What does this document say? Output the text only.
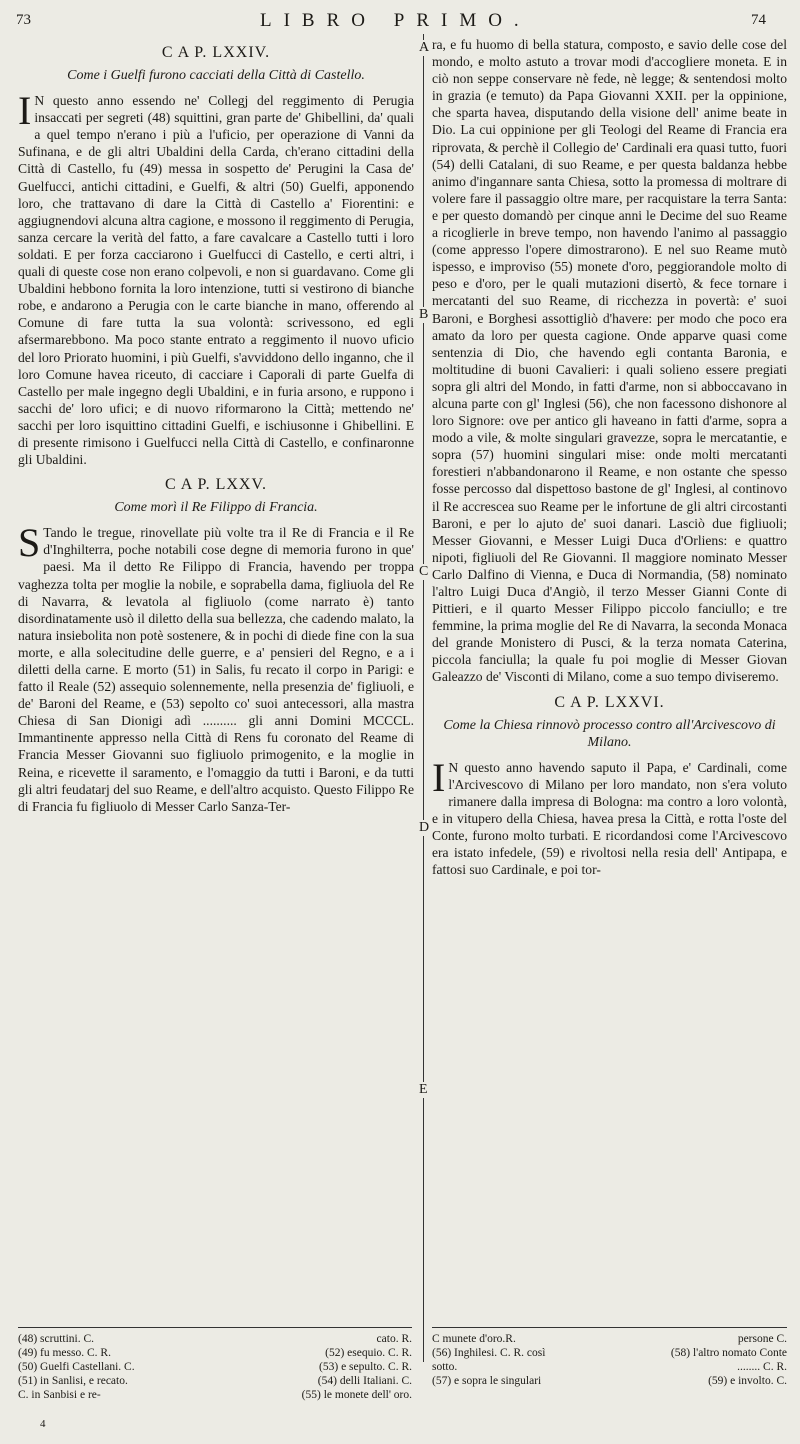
73	LIBRO PRIMO.	74
A
B
C
D
E
C A P. LXXIV.
Come i Guelfi furono cacciati della Città di Castello.

I N questo anno essendo ne' Collegj del reggimento di Perugia insaccati per segreti (48) squittini, gran parte de' Ghibellini, da' quali a quel tempo n'erano i più a l'uficio, per operazione di Vanni da Sufinana, e de gli altri Ubaldini della Carda, ch'erano cittadini della Città di Castello, fu (49) messa in sospetto de' Perugini la Casa de' Guelfucci, antichi cittadini, e Guelfi, & altri (50) Guelfi, apponendo loro, che trattavano di dare la Città di Castello a' Fiorentini: e aggiugnendovi alcuna altra cagione, e mossono il reggimento di Perugia, sanza cercare la verità del fatto, a fare cavalcare a Castello tutti i loro soldati. E per forza cacciarono i Guelfucci di Castello, e certi altri, i quali di queste cose non erano colpevoli, e non si guardavano. Come gli Ubaldini hebbono fornita la loro intenzione, tutti si vestirono di bianche robe, e andarono a Perugia con le carte bianche in mano, offerendo al Comune di fare tutta la sua volontà: scrivessono, ed egli afsermarebbono. Ma poco stante entrato a reggimento il nuovo uficio del loro Priorato huomini, i più Guelfi, s'avviddono dello inganno, che il loro Comune havea riceuto, di cacciare i Caporali di parte Guelfa di Castello per male ingegno degli Ubaldini, e in furia arsono, e ruppono i sacchi de' loro ufici; e di nuovo riformarono la Città; mettendo ne' sacchi per loro isquittino cittadini Guelfi, e ischiusonne i Ghibellini. E di presente rimisono i Guelfucci nella Città di Castello, e confinaronne gli Ubaldini.

C A P. LXXV.
Come morì il Re Filippo di Francia.

S Tando le tregue, rinovellate più volte tra il Re di Francia e il Re d'Inghilterra, poche notabili cose degne di memoria furono in que' paesi. Ma il detto Re Filippo di Francia, havendo per troppa vaghezza tolta per moglie la nobile, e soprabella dama, figliuola del Re di Navarra, & levatola al figliuolo (come narrato è) tanto disordinatamente usò il diletto della sua bellezza, che cadendo malato, la natura insiebolita non potè sostenere, & in pochi di diede fine con la sua morte, e alla solecitudine delle guerre, e a' pensieri del Regno, e a i diletti della carne. E morto (51) in Salis, fu recato il corpo in Parigi: e fatto il Reale (52) assequio solennemente, nella presenzia de' figliuoli, e de' Baroni del Reame, e (53) sepolto co' suoi antecessori, alla mastra Chiesa di San Dionigi adì .......... gli anni Domini MCCCL. Immantinente appresso nella Città di Rens fu coronato del Reame di Francia Messer Giovanni suo figliuolo primogenito, e la moglie in Reina, e ricevette il saramento, e l'omaggio da tutti i Baroni, e da tutti gli altri feudatarj del suo Reame, e dell'altro acquisto. Questo Filippo Re di Francia fu figliuolo di Messer Carlo Sanza-Ter-

ra, e fu huomo di bella statura, composto, e savio delle cose del mondo, e molto astuto a trovar modi d'accogliere moneta. E in ciò non seppe conservare nè fede, nè legge; & sentendosi molto in grazia (e temuto) da Papa Giovanni XXII. per la oppinione, che sparta havea, disputando della visione dell' anime beate in Dio. La cui oppinione per gli Teologi del Reame di Francia era riprovata, & perchè il Collegio de' Cardinali era quasi tutto, fuori (54) delli Catalani, di suo Reame, e per questa baldanza hebbe animo d'ingannare santa Chiesa, sotto la promessa di moltrare di volere fare il passaggio oltre mare, per racquistare la terra Santa: e per questo domandò per cinque anni le Decime del suo Reame a ricoglierle in breve tempo, non havendo l'animo al passaggio (come appresso l'opere dimostrarono). E nel suo Reame mutò ispesso, e improviso (55) monete d'oro, peggiorandole molto di peso e d'oro, per le quali mutazioni disertò, & fece tornare i mercatanti del suo Reame, di ricchezza in povertà: e' suoi Baroni, e Borghesi assottigliò d'havere: per modo che poco era amato da loro per questa cagione. Onde apparve quasi come sentenzia di Dio, che havendo egli contanta Baronia, e moltitudine di buoni Cavalieri: i quali solieno essere pregiati sopra gli altri del Mondo, in fatti d'arme, non si abboccavano in alcuna parte con gl' Inglesi (56), che non facessono dishonore al loro Signore: ove per antico gli haveano in fatti d'arme, sopra a modo a vile, & molte singulari gravezze, sopra le mercatantie, e sopra (57) huomini singulari mise: onde molti mercatanti forestieri n'abbandonarono il Reame, e non ostante che spesso fosse percosso dal dispettoso bastone de gl' Inglesi, al continovo il Re accrescea suo Reame per le infortune de gli altri circostanti Baroni, e per lo ajuto de' suoi danari. Lasciò due figliuoli; Messer Giovanni, e Messer Luigi Duca d'Orliens: e quattro nipoti, figliuoli del Re Giovanni. Il maggiore nominato Messer Carlo Dalfino di Vienna, e Duca di Normandia, (58) nominato l'altro Luigi Duca d'Angiò, il terzo Messer Gianni Conte di Pittieri, e il quarto Messer Filippo piccolo fanciullo; e tre femmine, la prima moglie del Re di Navarra, la seconda Monaca del grande Monistero di Pusci, & la terza nomata Caterina, piccola fanciulla; la quale fu poi moglie di Messer Giovan Galeazzo de' Visconti di Milano, come a suo tempo diviseremo.

C A P. LXXVI.
Come la Chiesa rinnovò processo contro all'Arcivescovo di Milano.

I N questo anno havendo saputo il Papa, e' Cardinali, come l'Arcivescovo di Milano per loro mandato, non s'era voluto rimanere dalla impresa di Bologna: ma contro a loro volontà, e in vitupero della Chiesa, havea presa la Città, e rotta l'oste del Conte, furono molto turbati. E ricordandosi come l'Arcivescovo era istato infedele, (59) e rivoltosi nella resia dell' Antipapa, e fattosi suo Cardinale, e poi tor-

(48) scruttini. C.	cato. R.
(49) fu messo. C. R.	(52) esequio. C. R.
(50) Guelfi Castellani. C.	(53) e sepulto. C. R.
(51) in Sanlisi, e recato.	(54) delli Italiani. C.
C. in Sanbisi e re-	(55) le monete dell' oro.
C munete d'oro.R.	persone C.
(56) Inghilesi. C. R. così	(58) l'altro nomato Conte
sotto.	........ C. R.
(57) e sopra le singulari	(59) e involto. C.
4
